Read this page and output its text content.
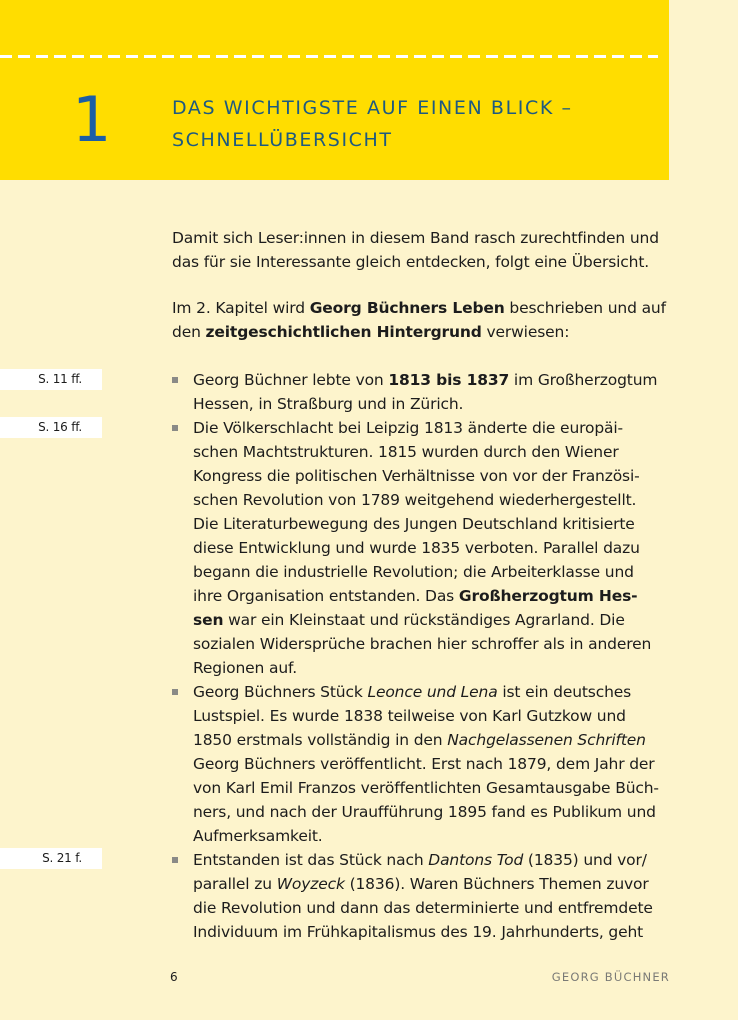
1	DAS WICHTIGSTE AUF EINEN BLICK –
SCHNELLÜBERSICHT
Damit sich Leser:innen in diesem Band rasch zurechtfinden und
das für sie Interessante gleich entdecken, folgt eine Übersicht.
Im 2. Kapitel wird Georg Büchners Leben beschrieben und auf
den zeitgeschichtlichen Hintergrund verwiesen:
S. 11 ff.
S. 16 ff.
S. 21 f.
Georg Büchner lebte von 1813 bis 1837 im Großherzogtum
Hessen, in Straßburg und in Zürich.
Die Völkerschlacht bei Leipzig 1813 änderte die europäi-
schen Machtstrukturen. 1815 wurden durch den Wiener
Kongress die politischen Verhältnisse von vor der Französi-
schen Revolution von 1789 weitgehend wiederhergestellt.
Die Literaturbewegung des Jungen Deutschland kritisierte
diese Entwicklung und wurde 1835 verboten. Parallel dazu
begann die industrielle Revolution; die Arbeiterklasse und
ihre Organisation entstanden. Das Großherzogtum Hes-
sen war ein Kleinstaat und rückständiges Agrarland. Die
sozialen Widersprüche brachen hier schroffer als in anderen
Regionen auf.
Georg Büchners Stück Leonce und Lena ist ein deutsches
Lustspiel. Es wurde 1838 teilweise von Karl Gutzkow und
1850 erstmals vollständig in den Nachgelassenen Schriften
Georg Büchners veröffentlicht. Erst nach 1879, dem Jahr der
von Karl Emil Franzos veröffentlichten Gesamtausgabe Büch-
ners, und nach der Uraufführung 1895 fand es Publikum und
Aufmerksamkeit.
Entstanden ist das Stück nach Dantons Tod (1835) und vor/
parallel zu Woyzeck (1836). Waren Büchners Themen zuvor
die Revolution und dann das determinierte und entfremdete
Individuum im Frühkapitalismus des 19. Jahrhunderts, geht
6	GEORG BÜCHNER
